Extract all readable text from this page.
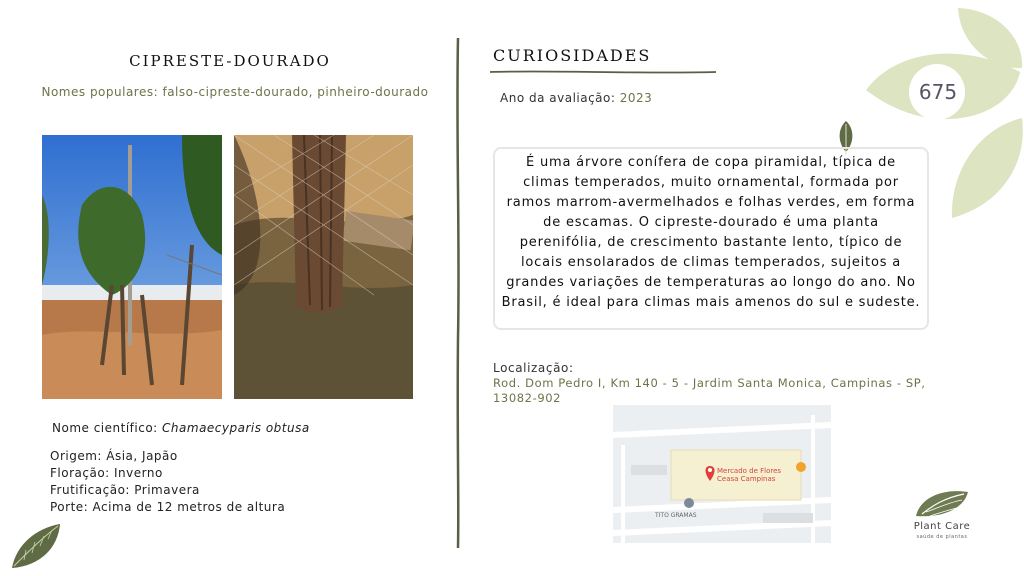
675
CIPRESTE-DOURADO
Nomes populares: falso-cipreste-dourado, pinheiro-dourado
Nome científico: Chamaecyparis obtusa
Origem: Ásia, Japão
Floração: Inverno
Frutificação: Primavera
Porte: Acima de 12 metros de altura
CURIOSIDADES
Ano da avaliação: 2023
É uma árvore conífera de copa piramidal, típica de climas temperados, muito ornamental, formada por ramos marrom-avermelhados e folhas verdes, em forma de escamas. O cipreste-dourado é uma planta perenifólia, de crescimento bastante lento, típico de locais ensolarados de climas temperados, sujeitos a grandes variações de temperaturas ao longo do ano. No Brasil, é ideal para climas mais amenos do sul e sudeste.
Localização:
Rod. Dom Pedro I, Km 140 - 5 - Jardim Santa Monica, Campinas - SP, 13082-902
Mercado de Flores
Ceasa Campinas
TITO GRAMAS
Plant Care
saúde de plantas
